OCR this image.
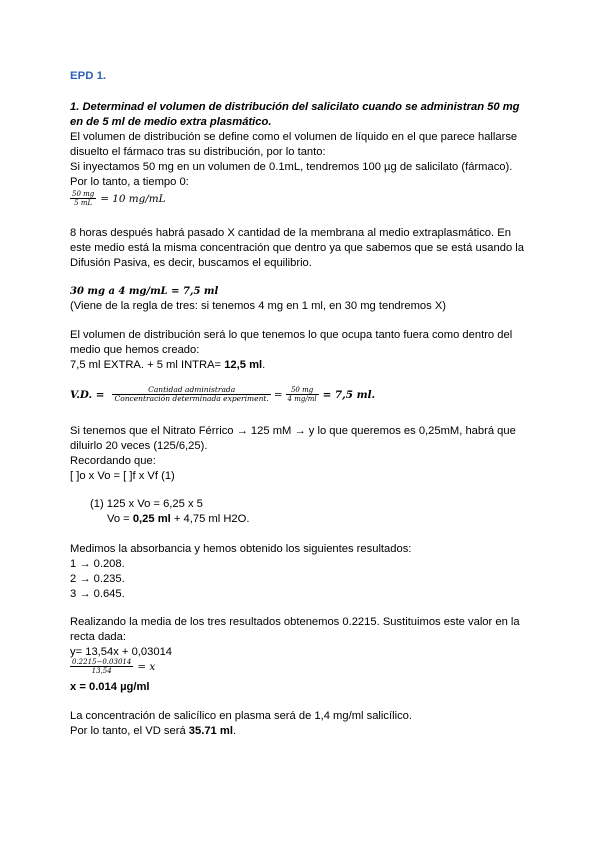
EPD 1.
1. Determinad el volumen de distribución del salicilato cuando se administran 50 mg
en de 5 ml de medio extra plasmático.
El volumen de distribución se define como el volumen de líquido en el que parece hallarse
disuelto el fármaco tras su distribución, por lo tanto:
Si inyectamos 50 mg en un volumen de 0.1mL, tendremos 100 µg de salicilato (fármaco).
Por lo tanto, a tiempo 0:
$\frac{50 mg}{5 mL} = 10$ mg/mL
8 horas después habrá pasado X cantidad de la membrana al medio extraplasmático. En
este medio está la misma concentración que dentro ya que sabemos que se está usando la
Difusión Pasiva, es decir, buscamos el equilibrio.
30 mg a 4 mg/mL = 7,5 ml
(Viene de la regla de tres: si tenemos 4 mg en 1 ml, en 30 mg tendremos X)
El volumen de distribución será lo que tenemos lo que ocupa tanto fuera como dentro del
medio que hemos creado:
7,5 ml EXTRA. + 5 ml INTRA= 12,5 ml.
V.D. = $\frac{\text{Cantidad administrada}}{\text{Concentración determinada experiment.}} = \frac{50 mg}{4 mg/ml} = 7,5$ ml.
Si tenemos que el Nitrato Férrico → 125 mM → y lo que queremos es 0,25mM, habrá que
diluirlo 20 veces (125/6,25).
Recordando que:
[ ]o x Vo = [ ]f x Vf (1)
(1) 125 x Vo = 6,25 x 5
Vo = 0,25 ml + 4,75 ml H2O.
Medimos la absorbancia y hemos obtenido los siguientes resultados:
1 → 0.208.
2 → 0.235.
3 → 0.645.
Realizando la media de los tres resultados obtenemos 0.2215. Sustituimos este valor en la
recta dada:
y= 13,54x + 0,03014
$\frac{0.2215-0.03014}{13,54} = x$
x = 0.014 µg/ml
La concentración de salicílico en plasma será de 1,4 mg/ml salicílico.
Por lo tanto, el VD será 35.71 ml.
